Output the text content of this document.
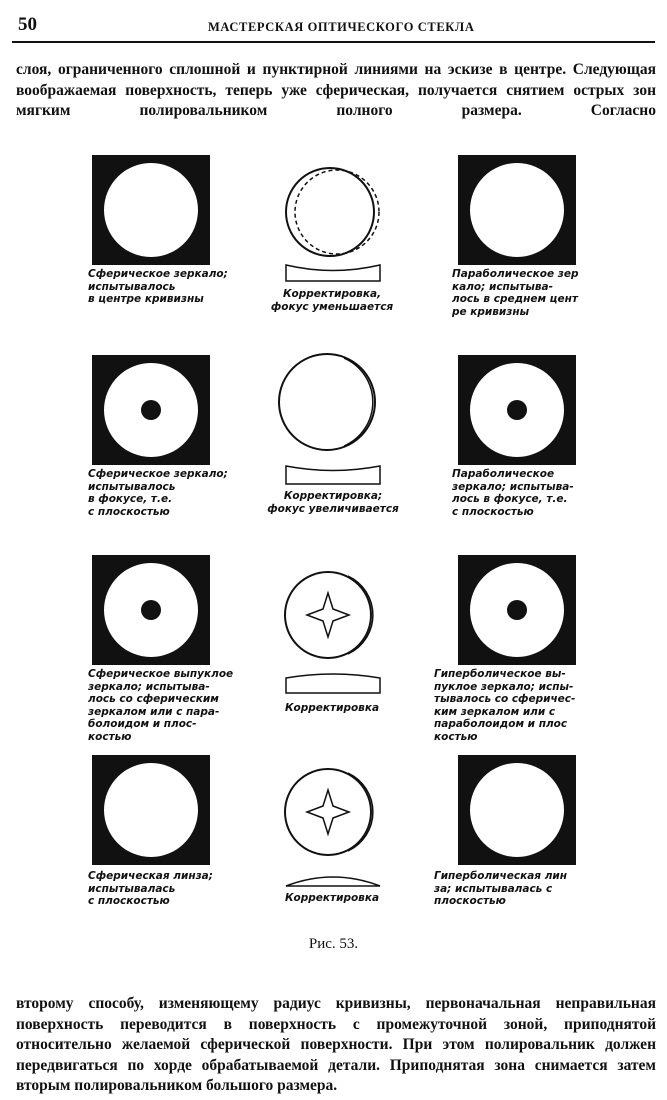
50	МАСТЕРСКАЯ ОПТИЧЕСКОГО СТЕКЛА
слоя, ограниченного сплошной и пунктирной линиями на эскизе в центре. Следующая воображаемая поверхность, теперь уже сферическая, получается снятием острых зон мягким полировальником полного размера. Согласно
Сферическое зеркало;
испытывалось
в центре кривизны	Корректировка,
фокус уменьшается
Параболическое зер
кало; испытыва-
лось в среднем цент
ре кривизны
Сферическое зеркало;
испытывалось
в фокусе, т.е.
с плоскостью
Корректировка;
фокус увеличивается
Параболическое
зеркало; испытыва-
лось в фокусе, т.е.
с плоскостью
Сферическое выпуклое
зеркало; испытыва-
лось со сферическим
зеркалом или с пара-
болоидом и плос-
костью
Корректировка
Гиперболическое вы-
пуклое зеркало; испы-
тывалось со сферичес-
ким зеркалом или с
параболоидом и плос
костью
Сферическая линза;
испытывалась
с плоскостью	Корректировка
Гиперболическая лин
за; испытывалась с
плоскостью
Рис. 53.
второму способу, изменяющему радиус кривизны, первоначальная неправильная поверхность переводится в поверхность с промежуточной зоной, приподнятой относительно желаемой сферической поверхности. При этом полировальник должен передвигаться по хорде обрабатываемой детали. Приподнятая зона снимается затем вторым полировальником большого размера.
